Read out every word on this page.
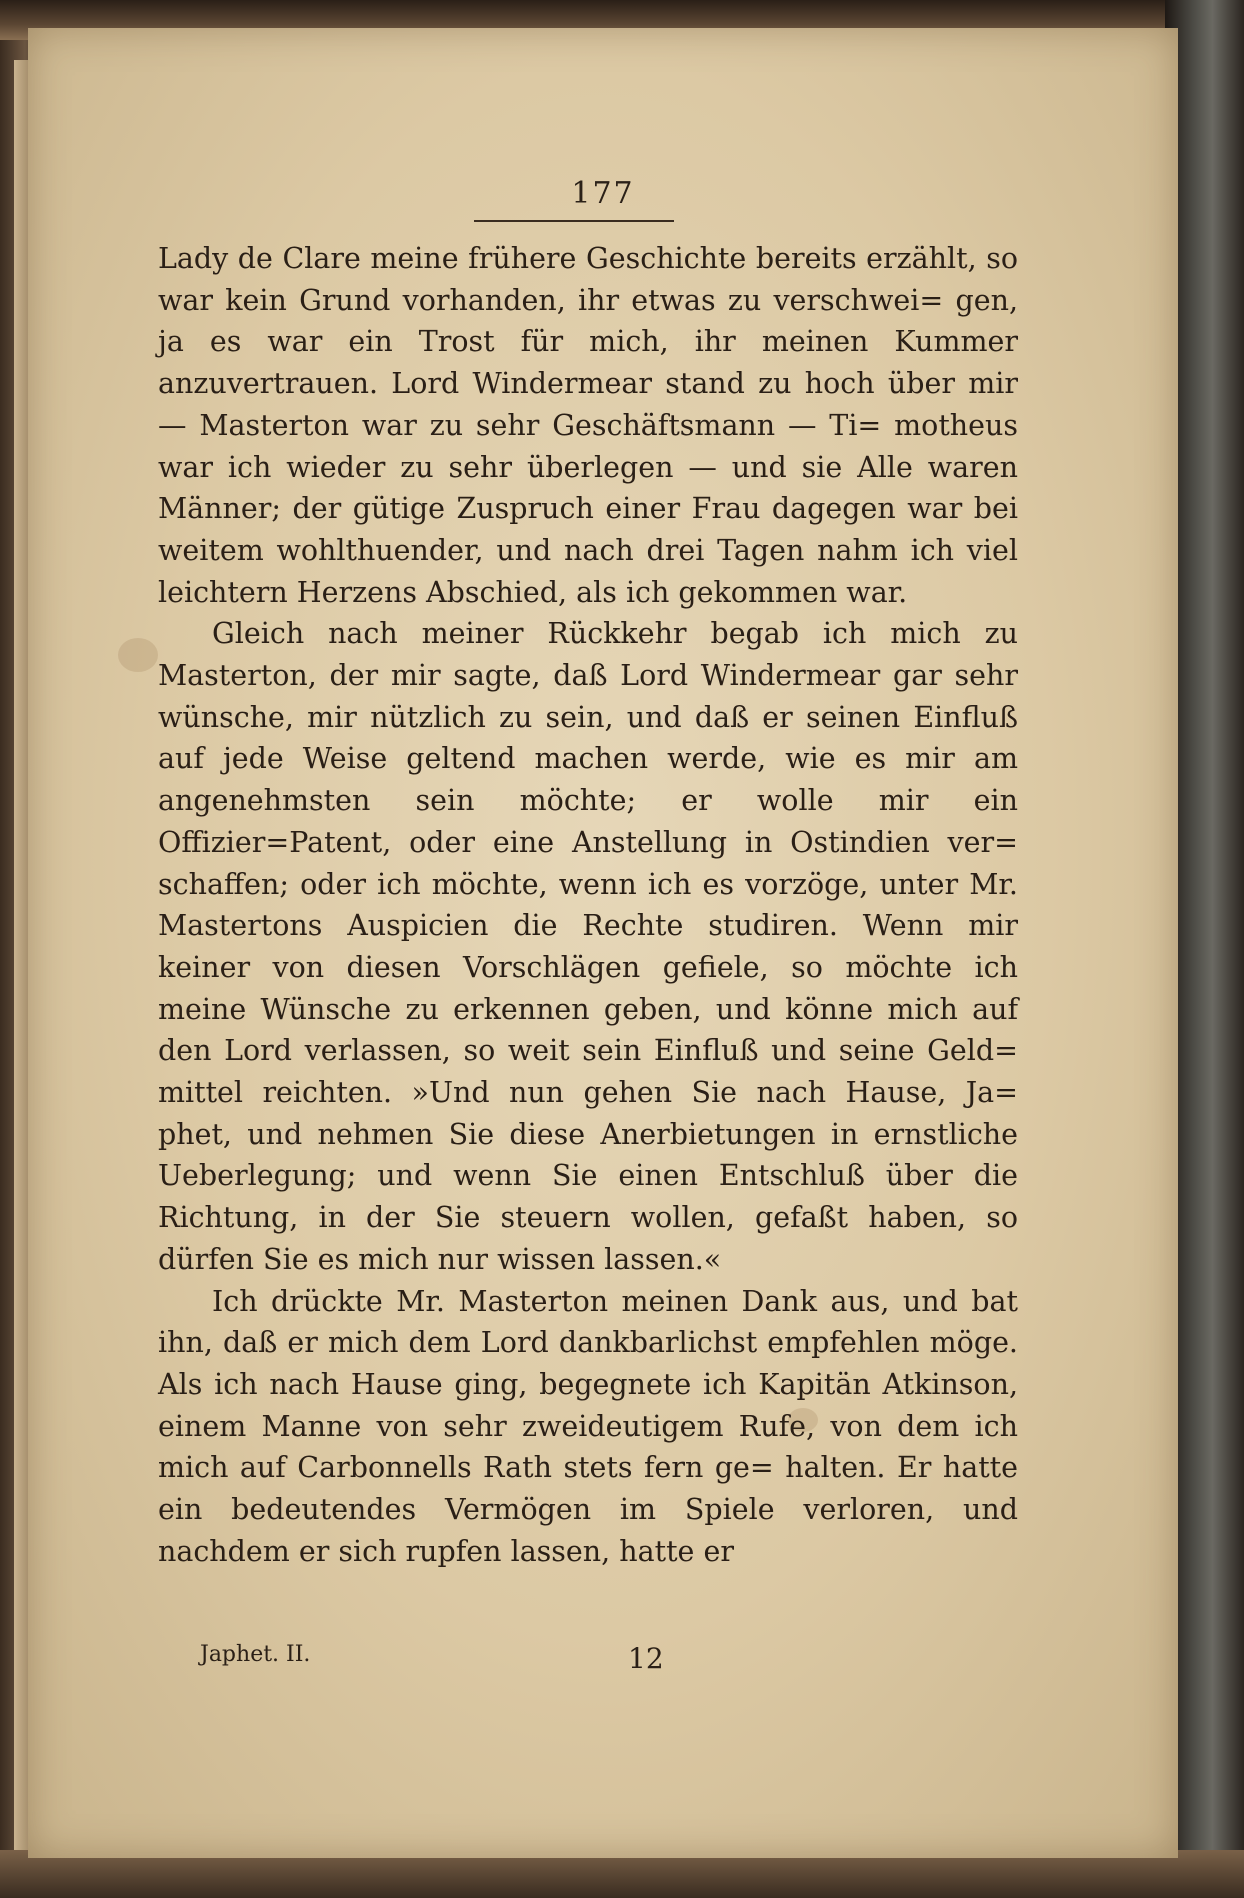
177

Lady de Clare meine frühere Geschichte bereits erzählt, so war kein Grund vorhanden, ihr etwas zu verschwei= gen, ja es war ein Trost für mich, ihr meinen Kummer anzuvertrauen. Lord Windermear stand zu hoch über mir — Masterton war zu sehr Geschäftsmann — Ti= motheus war ich wieder zu sehr überlegen — und sie Alle waren Männer; der gütige Zuspruch einer Frau dagegen war bei weitem wohlthuender, und nach drei Tagen nahm ich viel leichtern Herzens Abschied, als ich gekommen war.

Gleich nach meiner Rückkehr begab ich mich zu Masterton, der mir sagte, daß Lord Windermear gar sehr wünsche, mir nützlich zu sein, und daß er seinen Einfluß auf jede Weise geltend machen werde, wie es mir am angenehmsten sein möchte; er wolle mir ein Offizier=Patent, oder eine Anstellung in Ostindien ver= schaffen; oder ich möchte, wenn ich es vorzöge, unter Mr. Mastertons Auspicien die Rechte studiren. Wenn mir keiner von diesen Vorschlägen gefiele, so möchte ich meine Wünsche zu erkennen geben, und könne mich auf den Lord verlassen, so weit sein Einfluß und seine Geld= mittel reichten. »Und nun gehen Sie nach Hause, Ja= phet, und nehmen Sie diese Anerbietungen in ernstliche Ueberlegung; und wenn Sie einen Entschluß über die Richtung, in der Sie steuern wollen, gefaßt haben, so dürfen Sie es mich nur wissen lassen.«

Ich drückte Mr. Masterton meinen Dank aus, und bat ihn, daß er mich dem Lord dankbarlichst empfehlen möge. Als ich nach Hause ging, begegnete ich Kapitän Atkinson, einem Manne von sehr zweideutigem Rufe, von dem ich mich auf Carbonnells Rath stets fern ge= halten. Er hatte ein bedeutendes Vermögen im Spiele verloren, und nachdem er sich rupfen lassen, hatte er

Japhet. II.	12
